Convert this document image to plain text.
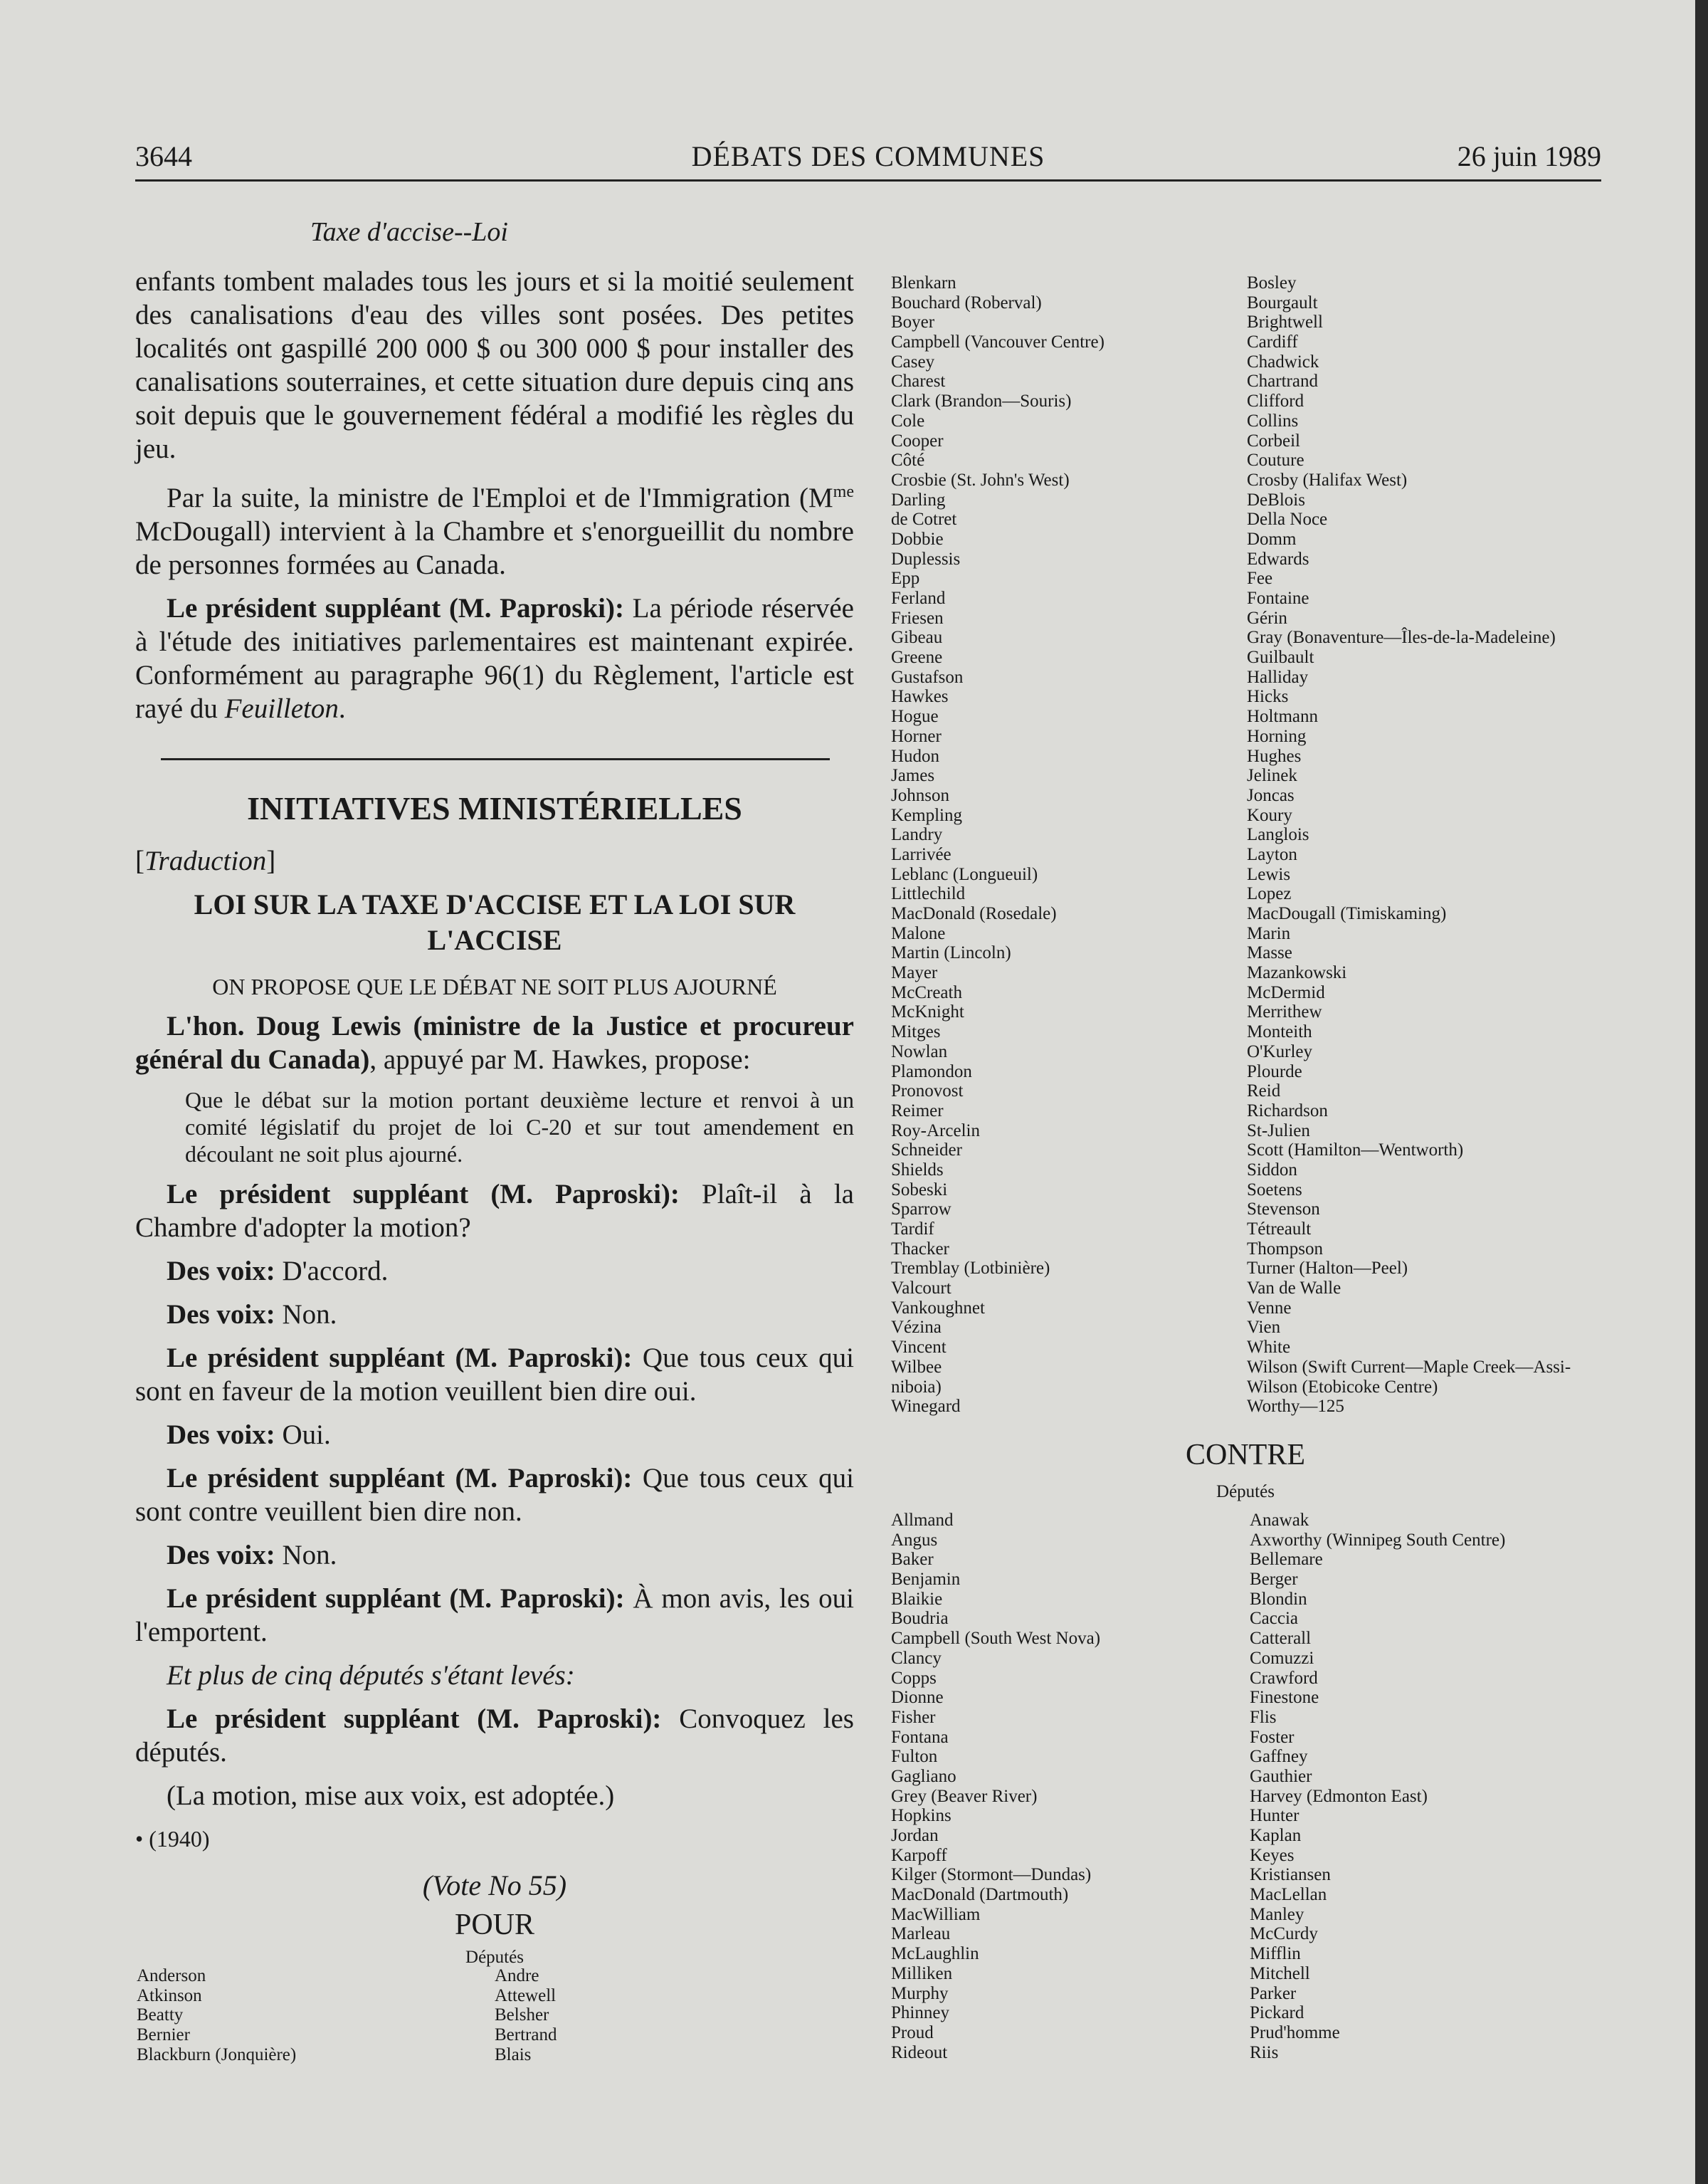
3644	DÉBATS DES COMMUNES	26 juin 1989
Taxe d'accise--Loi

enfants tombent malades tous les jours et si la moitié seulement des canalisations d'eau des villes sont posées. Des petites localités ont gaspillé 200 000 $ ou 300 000 $ pour installer des canalisations souterraines, et cette situation dure depuis cinq ans soit depuis que le gouvernement fédéral a modifié les règles du jeu.

Par la suite, la ministre de l'Emploi et de l'Immigration ($M^{me}$ McDougall) intervient à la Chambre et s'enorgueillit du nombre de personnes formées au Canada.

Le président suppléant (M. Paproski): La période réservée à l'étude des initiatives parlementaires est maintenant expirée. Conformément au paragraphe 96(1) du Règlement, l'article est rayé du Feuilleton.

INITIATIVES MINISTÉRIELLES
[Traduction]
LOI SUR LA TAXE D'ACCISE ET LA LOI SUR L'ACCISE
ON PROPOSE QUE LE DÉBAT NE SOIT PLUS AJOURNÉ

L'hon. Doug Lewis (ministre de la Justice et procureur général du Canada), appuyé par M. Hawkes, propose:

Que le débat sur la motion portant deuxième lecture et renvoi à un comité législatif du projet de loi C-20 et sur tout amendement en découlant ne soit plus ajourné.

Le président suppléant (M. Paproski): Plaît-il à la Chambre d'adopter la motion?

Des voix: D'accord.

Des voix: Non.

Le président suppléant (M. Paproski): Que tous ceux qui sont en faveur de la motion veuillent bien dire oui.

Des voix: Oui.

Le président suppléant (M. Paproski): Que tous ceux qui sont contre veuillent bien dire non.

Des voix: Non.

Le président suppléant (M. Paproski): À mon avis, les oui l'emportent.

Et plus de cinq députés s'étant levés:

Le président suppléant (M. Paproski): Convoquez les députés.

(La motion, mise aux voix, est adoptée.)

• (1940)
(Vote No 55)
POUR
Députés
Anderson
Atkinson
Beatty
Bernier
Blackburn (Jonquière)
Andre
Attewell
Belsher
Bertrand
Blais
Blenkarn
Bouchard (Roberval)
Boyer
Campbell (Vancouver Centre)
Casey
Charest
Clark (Brandon—Souris)
Cole
Cooper
Côté
Crosbie (St. John's West)
Darling
de Cotret
Dobbie
Duplessis
Epp
Ferland
Friesen
Gibeau
Greene
Gustafson
Hawkes
Hogue
Horner
Hudon
James
Johnson
Kempling
Landry
Larrivée
Leblanc (Longueuil)
Littlechild
MacDonald (Rosedale)
Malone
Martin (Lincoln)
Mayer
McCreath
McKnight
Mitges
Nowlan
Plamondon
Pronovost
Reimer
Roy-Arcelin
Schneider
Shields
Sobeski
Sparrow
Tardif
Thacker
Tremblay (Lotbinière)
Valcourt
Vankoughnet
Vézina
Vincent
Wilbee
niboia)
Winegard
Bosley
Bourgault
Brightwell
Cardiff
Chadwick
Chartrand
Clifford
Collins
Corbeil
Couture
Crosby (Halifax West)
DeBlois
Della Noce
Domm
Edwards
Fee
Fontaine
Gérin
Gray (Bonaventure—Îles-de-la-Madeleine)
Guilbault
Halliday
Hicks
Holtmann
Horning
Hughes
Jelinek
Joncas
Koury
Langlois
Layton
Lewis
Lopez
MacDougall (Timiskaming)
Marin
Masse
Mazankowski
McDermid
Merrithew
Monteith
O'Kurley
Plourde
Reid
Richardson
St-Julien
Scott (Hamilton—Wentworth)
Siddon
Soetens
Stevenson
Tétreault
Thompson
Turner (Halton—Peel)
Van de Walle
Venne
Vien
White
Wilson (Swift Current—Maple Creek—Assi-
Wilson (Etobicoke Centre)
Worthy—125
CONTRE
Députés
Allmand
Angus
Baker
Benjamin
Blaikie
Boudria
Campbell (South West Nova)
Clancy
Copps
Dionne
Fisher
Fontana
Fulton
Gagliano
Grey (Beaver River)
Hopkins
Jordan
Karpoff
Kilger (Stormont—Dundas)
MacDonald (Dartmouth)
MacWilliam
Marleau
McLaughlin
Milliken
Murphy
Phinney
Proud
Rideout
Anawak
Axworthy (Winnipeg South Centre)
Bellemare
Berger
Blondin
Caccia
Catterall
Comuzzi
Crawford
Finestone
Flis
Foster
Gaffney
Gauthier
Harvey (Edmonton East)
Hunter
Kaplan
Keyes
Kristiansen
MacLellan
Manley
McCurdy
Mifflin
Mitchell
Parker
Pickard
Prud'homme
Riis
